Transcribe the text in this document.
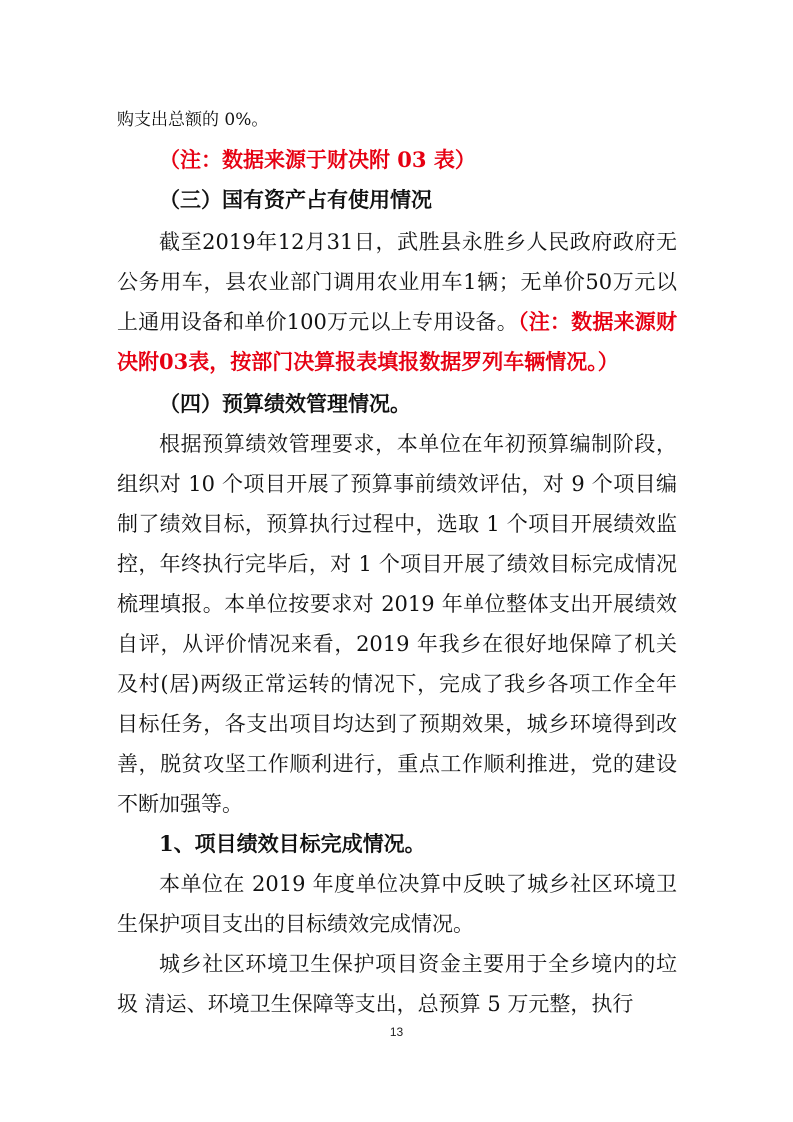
购支出总额的 0%。

（注：数据来源于财决附 03 表）

（三）国有资产占有使用情况

截至2019年12月31日，武胜县永胜乡人民政府政府无公务用车，县农业部门调用农业用车1辆；无单价50万元以上通用设备和单价100万元以上专用设备。（注：数据来源财决附03表，按部门决算报表填报数据罗列车辆情况。）

（四）预算绩效管理情况。

根据预算绩效管理要求，本单位在年初预算编制阶段，组织对 10 个项目开展了预算事前绩效评估，对 9 个项目编制了绩效目标，预算执行过程中，选取 1 个项目开展绩效监控，年终执行完毕后，对 1 个项目开展了绩效目标完成情况梳理填报。本单位按要求对 2019 年单位整体支出开展绩效自评，从评价情况来看，2019 年我乡在很好地保障了机关及村(居)两级正常运转的情况下，完成了我乡各项工作全年目标任务，各支出项目均达到了预期效果，城乡环境得到改善，脱贫攻坚工作顺利进行，重点工作顺利推进，党的建设不断加强等。

1、项目绩效目标完成情况。

本单位在 2019 年度单位决算中反映了城乡社区环境卫生保护项目支出的目标绩效完成情况。

城乡社区环境卫生保护项目资金主要用于全乡境内的垃圾 清运、环境卫生保障等支出，总预算 5 万元整，执行

13
